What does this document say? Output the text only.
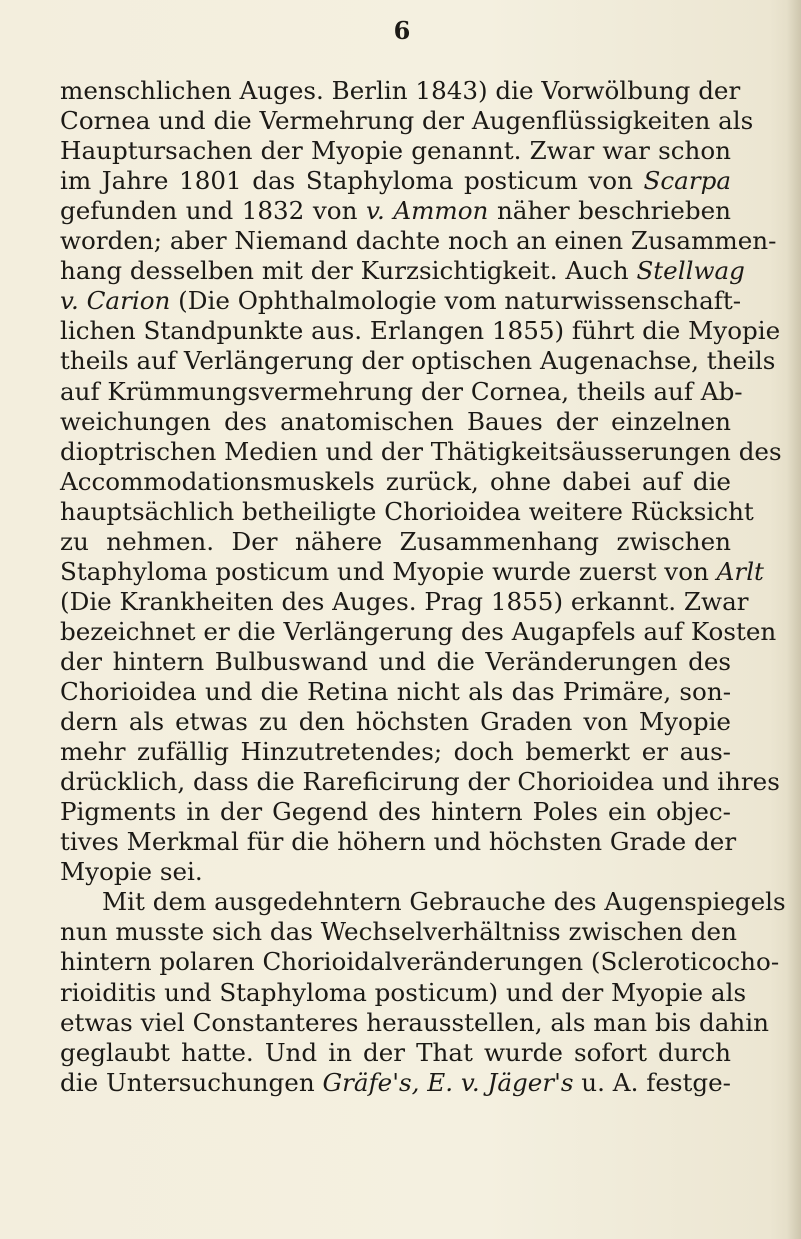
6
menschlichen Auges. Berlin 1843) die Vorwölbung der
Cornea und die Vermehrung der Augenflüssigkeiten als
Hauptursachen der Myopie genannt. Zwar war schon
im Jahre 1801 das Staphyloma posticum von Scarpa
gefunden und 1832 von v. Ammon näher beschrieben
worden; aber Niemand dachte noch an einen Zusammen-
hang desselben mit der Kurzsichtigkeit. Auch Stellwag
v. Carion (Die Ophthalmologie vom naturwissenschaft-
lichen Standpunkte aus. Erlangen 1855) führt die Myopie
theils auf Verlängerung der optischen Augenachse, theils
auf Krümmungsvermehrung der Cornea, theils auf Ab-
weichungen des anatomischen Baues der einzelnen
dioptrischen Medien und der Thätigkeitsäusserungen des
Accommodationsmuskels zurück, ohne dabei auf die
hauptsächlich betheiligte Chorioidea weitere Rücksicht
zu nehmen. Der nähere Zusammenhang zwischen
Staphyloma posticum und Myopie wurde zuerst von Arlt
(Die Krankheiten des Auges. Prag 1855) erkannt. Zwar
bezeichnet er die Verlängerung des Augapfels auf Kosten
der hintern Bulbuswand und die Veränderungen des
Chorioidea und die Retina nicht als das Primäre, son-
dern als etwas zu den höchsten Graden von Myopie
mehr zufällig Hinzutretendes; doch bemerkt er aus-
drücklich, dass die Rareficirung der Chorioidea und ihres
Pigments in der Gegend des hintern Poles ein objec-
tives Merkmal für die höhern und höchsten Grade der
Myopie sei.
Mit dem ausgedehntern Gebrauche des Augenspiegels
nun musste sich das Wechselverhältniss zwischen den
hintern polaren Chorioidalveränderungen (Scleroticocho-
rioiditis und Staphyloma posticum) und der Myopie als
etwas viel Constanteres herausstellen, als man bis dahin
geglaubt hatte. Und in der That wurde sofort durch
die Untersuchungen Gräfe's, E. v. Jäger's u. A. festge-
